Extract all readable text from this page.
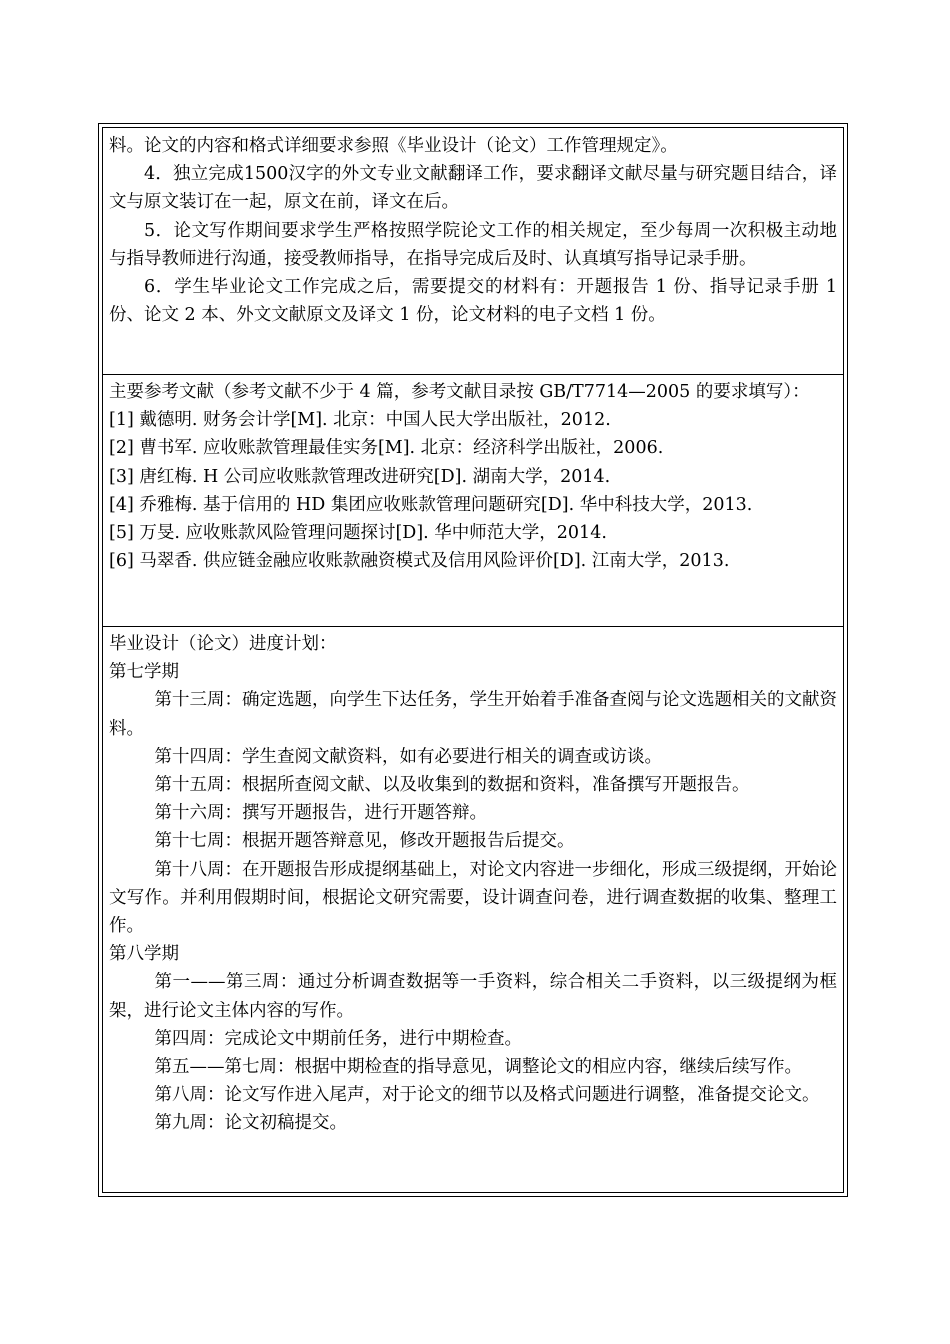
料。论文的内容和格式详细要求参照《毕业设计（论文）工作管理规定》。

4．独立完成1500汉字的外文专业文献翻译工作，要求翻译文献尽量与研究题目结合，译文与原文装订在一起，原文在前，译文在后。

5．论文写作期间要求学生严格按照学院论文工作的相关规定，至少每周一次积极主动地与指导教师进行沟通，接受教师指导，在指导完成后及时、认真填写指导记录手册。

6．学生毕业论文工作完成之后，需要提交的材料有：开题报告 1 份、指导记录手册 1 份、论文 2 本、外文文献原文及译文 1 份，论文材料的电子文档 1 份。

主要参考文献（参考文献不少于 4 篇，参考文献目录按 GB/T7714—2005 的要求填写）：

[1] 戴德明. 财务会计学[M]. 北京：中国人民大学出版社，2012.

[2] 曹书军. 应收账款管理最佳实务[M]. 北京：经济科学出版社，2006.

[3] 唐红梅. H 公司应收账款管理改进研究[D]. 湖南大学，2014.

[4] 乔雅梅. 基于信用的 HD 集团应收账款管理问题研究[D]. 华中科技大学，2013.

[5] 万旻. 应收账款风险管理问题探讨[D]. 华中师范大学，2014.

[6] 马翠香. 供应链金融应收账款融资模式及信用风险评价[D]. 江南大学，2013.

毕业设计（论文）进度计划：

第七学期

第十三周：确定选题，向学生下达任务，学生开始着手准备查阅与论文选题相关的文献资料。

第十四周：学生查阅文献资料，如有必要进行相关的调查或访谈。

第十五周：根据所查阅文献、以及收集到的数据和资料，准备撰写开题报告。

第十六周：撰写开题报告，进行开题答辩。

第十七周：根据开题答辩意见，修改开题报告后提交。

第十八周：在开题报告形成提纲基础上，对论文内容进一步细化，形成三级提纲，开始论文写作。并利用假期时间，根据论文研究需要，设计调查问卷，进行调查数据的收集、整理工作。

第八学期

第一——第三周：通过分析调查数据等一手资料，综合相关二手资料，以三级提纲为框架，进行论文主体内容的写作。

第四周：完成论文中期前任务，进行中期检查。

第五——第七周：根据中期检查的指导意见，调整论文的相应内容，继续后续写作。

第八周：论文写作进入尾声，对于论文的细节以及格式问题进行调整，准备提交论文。

第九周：论文初稿提交。
